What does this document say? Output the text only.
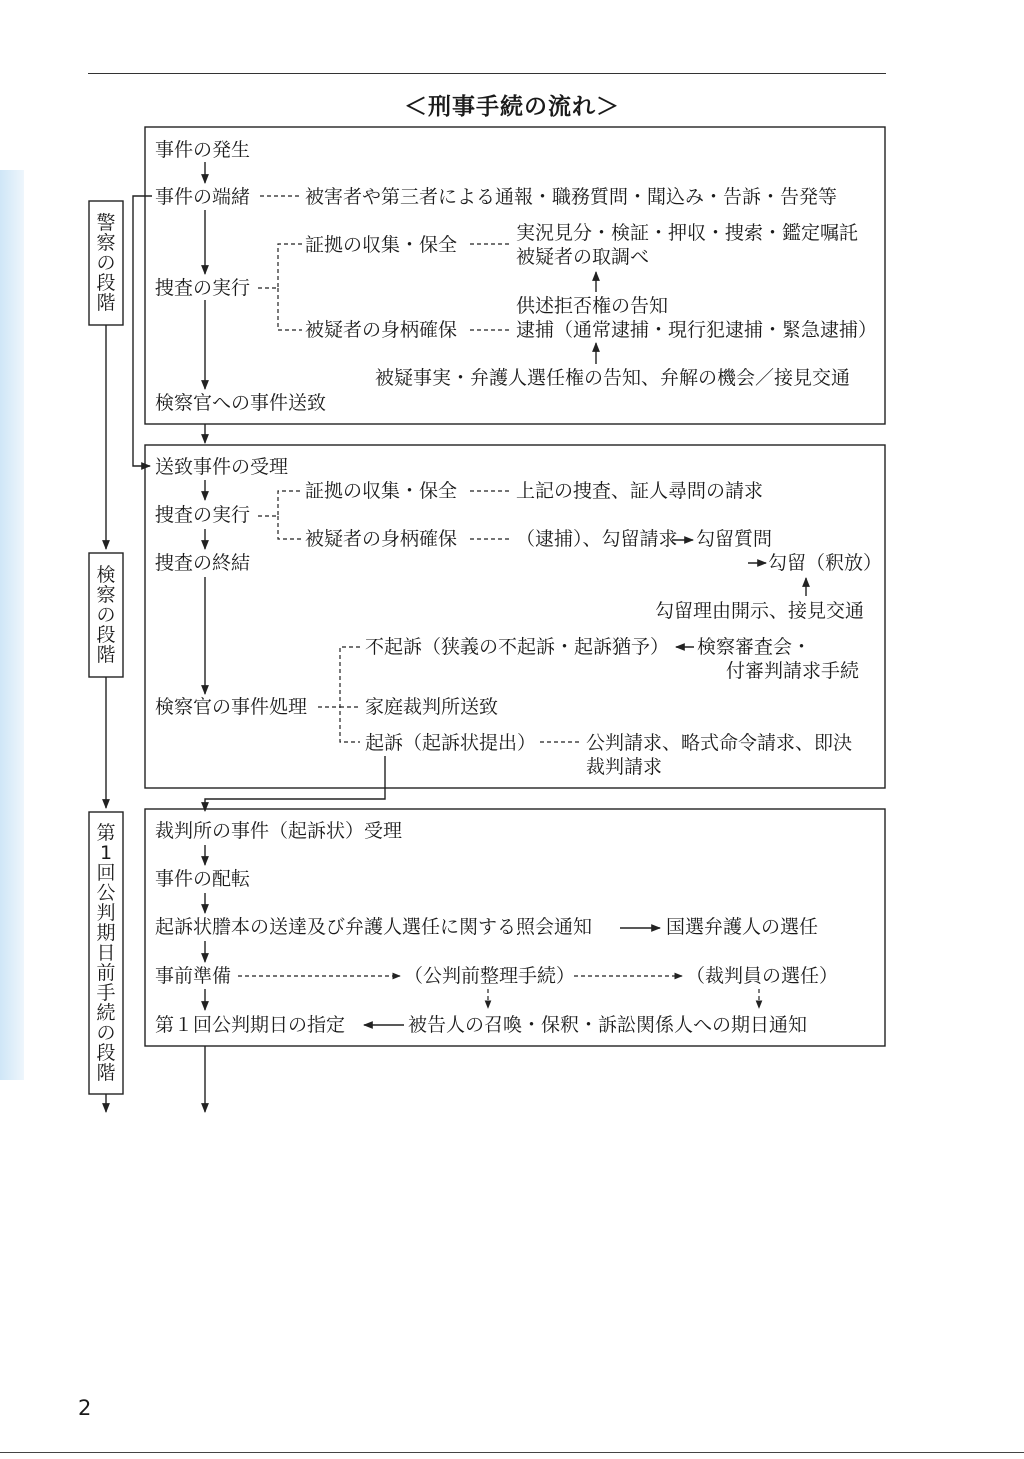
＜刑事手続の流れ＞
警察の段階
検察の段階
第1回公判期日前手続の段階
事件の発生
事件の端緒	被害者や第三者による通報・職務質問・聞込み・告訴・告発等
証拠の収集・保全
実況見分・検証・押収・捜索・鑑定嘱託
被疑者の取調べ
捜査の実行
供述拒否権の告知
被疑者の身柄確保	逮捕（通常逮捕・現行犯逮捕・緊急逮捕）
被疑事実・弁護人選任権の告知、弁解の機会／接見交通
検察官への事件送致
送致事件の受理
証拠の収集・保全	上記の捜査、証人尋問の請求
捜査の実行
被疑者の身柄確保	（逮捕）、勾留請求 勾留質問
捜査の終結	勾留（釈放）
勾留理由開示、接見交通
不起訴（狭義の不起訴・起訴猶予） 検察審査会・
付審判請求手続
検察官の事件処理	家庭裁判所送致
起訴（起訴状提出）	公判請求、略式命令請求、即決
裁判請求
裁判所の事件（起訴状）受理
事件の配転
起訴状謄本の送達及び弁護人選任に関する照会通知	国選弁護人の選任
事前準備	（公判前整理手続）	（裁判員の選任）
第１回公判期日の指定	被告人の召喚・保釈・訴訟関係人への期日通知
2
